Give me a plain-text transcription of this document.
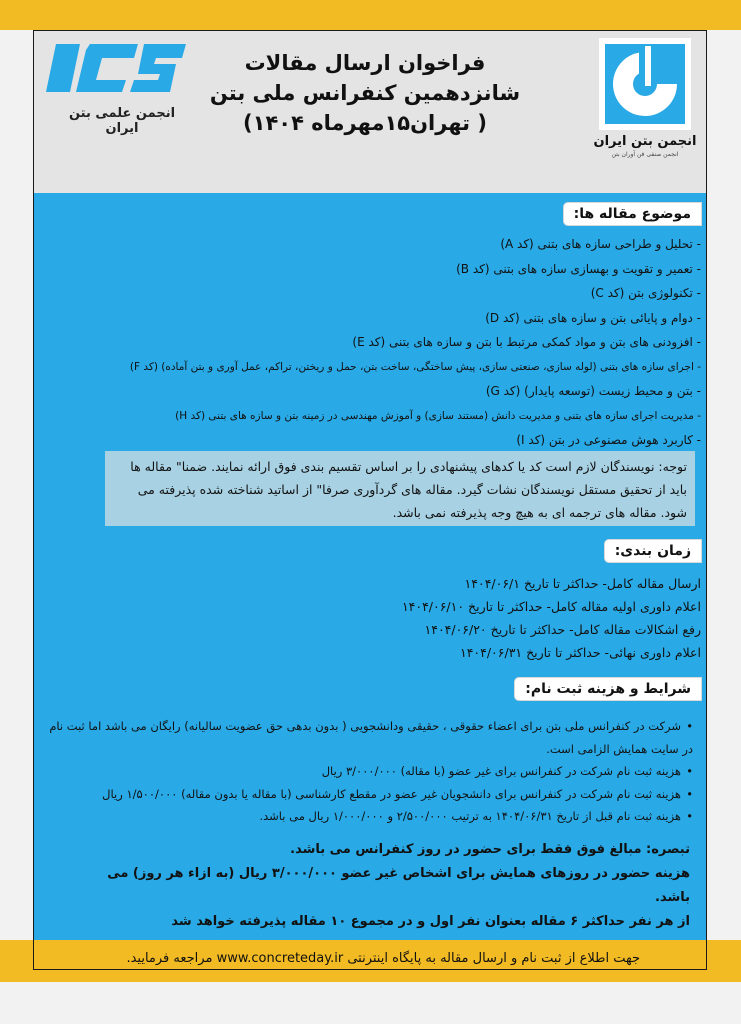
انجمن علمی بتن ایران
فراخوان ارسال مقالات
شانزدهمین کنفرانس ملی بتن
( تهران۱۵مهرماه ۱۴۰۴)
انجمن بتن ایران
انجمن صنفی فن آوران بتن
موضوع مقاله ها:
- تحلیل و طراحی سازه های بتنی (کد A)
- تعمیر و تقویت و بهسازی سازه های بتنی (کد B)
- تکنولوژی بتن (کد C)
- دوام و پایائی بتن و سازه های بتنی (کد D)
- افزودنی های بتن و مواد کمکی مرتبط با بتن و سازه های بتنی (کد E)
- اجرای سازه های بتنی (لوله سازی، صنعتی سازی، پیش ساختگی، ساخت بتن، حمل و ریختن، تراکم، عمل آوری و بتن آماده) (کد F)
- بتن و محیط زیست (توسعه پایدار) (کد G)
- مدیریت اجرای سازه های بتنی و مدیریت دانش (مستند سازی) و آموزش مهندسی در زمینه بتن و سازه های بتنی (کد H)
- کاربرد هوش مصنوعی در بتن (کد I)
توجه: نویسندگان لازم است کد یا کدهای پیشنهادی را بر اساس تقسیم بندی فوق ارائه نمایند. ضمنا" مقاله ها باید از تحقیق مستقل نویسندگان نشات گیرد. مقاله های گردآوری صرفا" از اساتید شناخته شده پذیرفته می شود. مقاله های ترجمه ای به هیچ وجه پذیرفته نمی باشد.
زمان بندی:
ارسال مقاله کامل- حداکثر تا تاریخ ۱۴۰۴/۰۶/۱
اعلام داوری اولیه مقاله کامل- حداکثر تا تاریخ ۱۴۰۴/۰۶/۱۰
رفع اشکالات مقاله کامل- حداکثر تا تاریخ ۱۴۰۴/۰۶/۲۰
اعلام داوری نهائی- حداکثر تا تاریخ ۱۴۰۴/۰۶/۳۱
شرایط و هزینه ثبت نام:
•شرکت در کنفرانس ملی بتن برای اعضاء حقوقی ، حقیقی ودانشجویی ( بدون بدهی حق عضویت سالیانه) رایگان می باشد اما ثبت نام در سایت همایش الزامی است.
•هزینه ثبت نام شرکت در کنفرانس برای غیر عضو (با مقاله) ۳/۰۰۰/۰۰۰ ریال
•هزینه ثبت نام شرکت در کنفرانس برای دانشجویان غیر عضو در مقطع کارشناسی (با مقاله یا بدون مقاله) ۱/۵۰۰/۰۰۰ ریال
•هزینه ثبت نام قبل از تاریخ ۱۴۰۴/۰۶/۳۱ به ترتیب ۲/۵۰۰/۰۰۰ و ۱/۰۰۰/۰۰۰ ریال می باشد.
تبصره: مبالغ فوق فقط برای حضور در روز کنفرانس می باشد.
هزینه حضور در روزهای همایش برای اشخاص غیر عضو ۳/۰۰۰/۰۰۰ ریال (به ازاء هر روز) می باشد.
از هر نفر حداکثر ۶ مقاله بعنوان نفر اول و در مجموع ۱۰ مقاله پذیرفته خواهد شد
جهت اطلاع از ثبت نام و ارسال مقاله به پایگاه اینترنتی www.concreteday.ir مراجعه فرمایید.
